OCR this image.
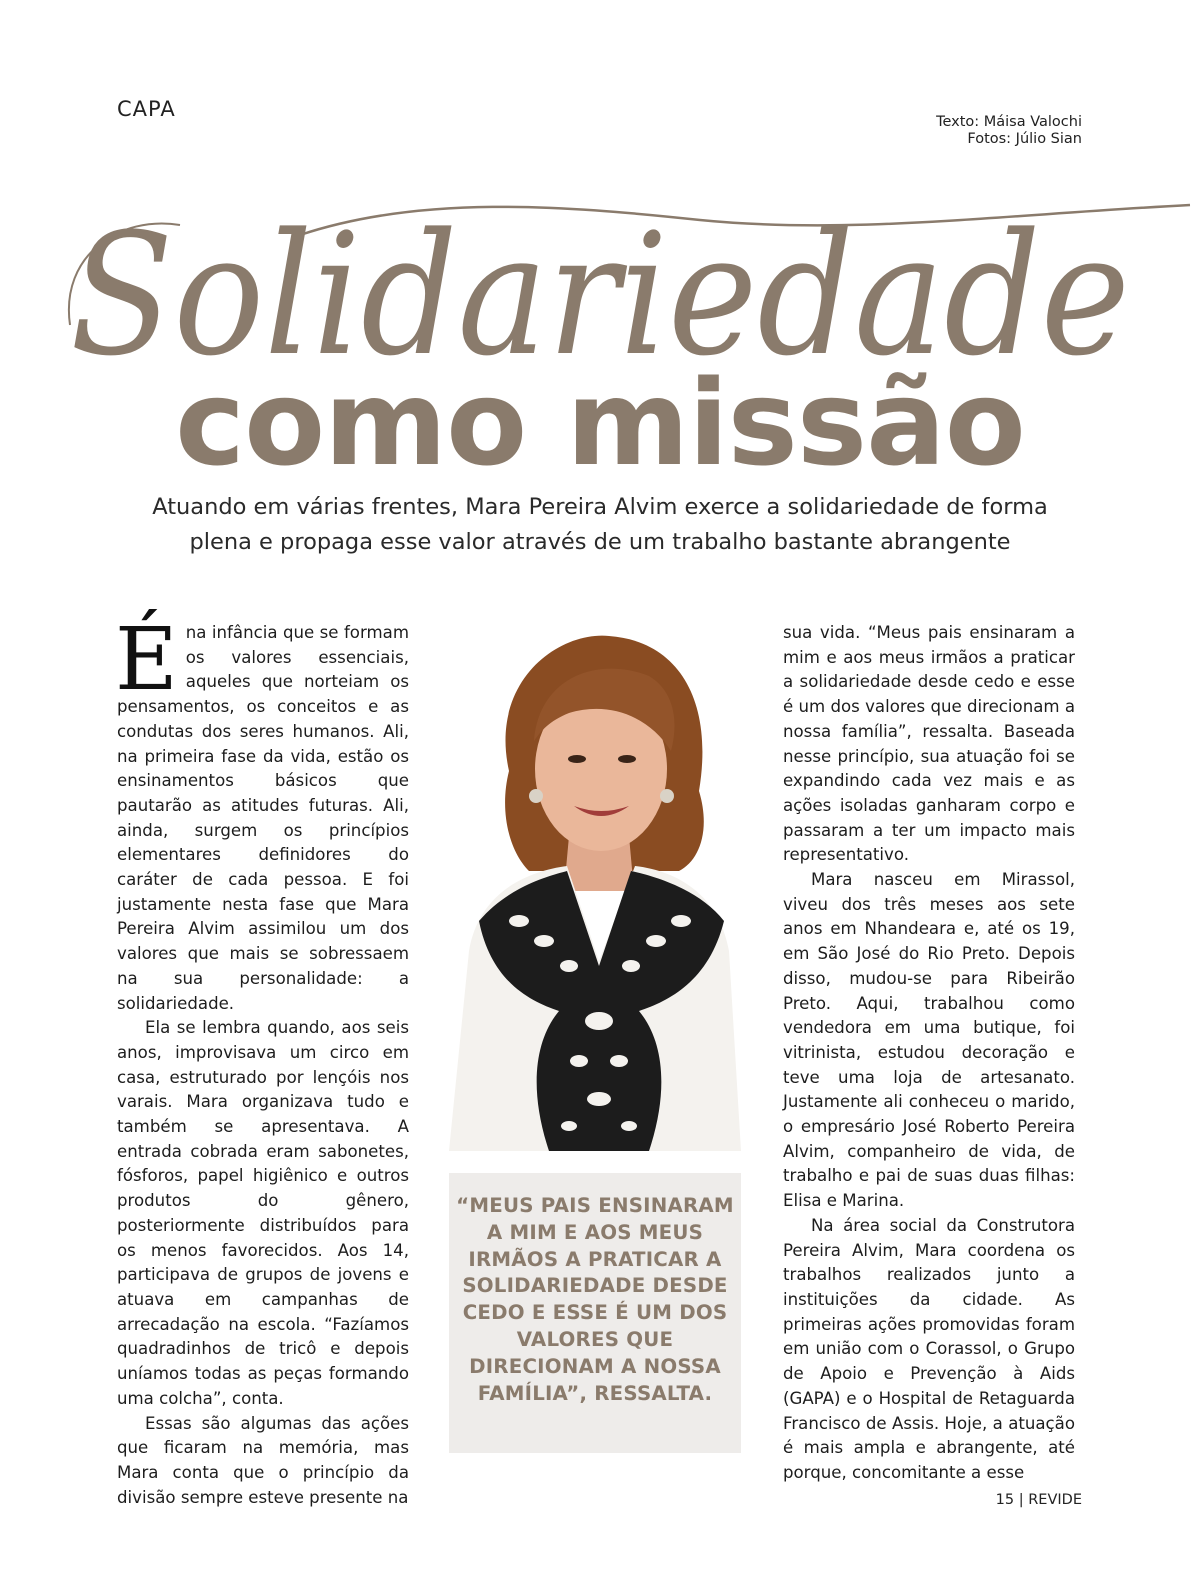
CAPA
Texto: Máisa Valochi
Fotos: Júlio Sian
Solidariedade
como missão
Atuando em várias frentes, Mara Pereira Alvim exerce a solidariedade de forma
plena e propaga esse valor através de um trabalho bastante abrangente

Éna infância que se formam os valores essenciais, aqueles que norteiam os pensamentos, os conceitos e as condutas dos seres humanos. Ali, na primeira fase da vida, estão os ensinamentos básicos que pautarão as atitudes futuras. Ali, ainda, surgem os princípios elementares definidores do caráter de cada pessoa. E foi justamente nesta fase que Mara Pereira Alvim assimilou um dos valores que mais se sobressaem na sua personalidade: a solidariedade.

Ela se lembra quando, aos seis anos, improvisava um circo em casa, estruturado por lençóis nos varais. Mara organizava tudo e também se apresentava. A entrada cobrada eram sabonetes, fósforos, papel higiênico e outros produtos do gênero, posteriormente distribuídos para os menos favorecidos. Aos 14, participava de grupos de jovens e atuava em campanhas de arrecadação na escola. “Fazíamos quadradinhos de tricô e depois uníamos todas as peças formando uma colcha”, conta.

Essas são algumas das ações que ficaram na memória, mas Mara conta que o princípio da divisão sempre esteve presente na

“MEUS PAIS ENSINARAM A MIM E AOS MEUS IRMÃOS A PRATICAR A SOLIDARIEDADE DESDE CEDO E ESSE É UM DOS VALORES QUE DIRECIONAM A NOSSA FAMÍLIA”, RESSALTA.

sua vida. “Meus pais ensinaram a mim e aos meus irmãos a praticar a solidariedade desde cedo e esse é um dos valores que direcionam a nossa família”, ressalta. Baseada nesse princípio, sua atuação foi se expandindo cada vez mais e as ações isoladas ganharam corpo e passaram a ter um impacto mais representativo.

Mara nasceu em Mirassol, viveu dos três meses aos sete anos em Nhandeara e, até os 19, em São José do Rio Preto. Depois disso, mudou-se para Ribeirão Preto. Aqui, trabalhou como vendedora em uma butique, foi vitrinista, estudou decoração e teve uma loja de artesanato. Justamente ali conheceu o marido, o empresário José Roberto Pereira Alvim, companheiro de vida, de trabalho e pai de suas duas filhas: Elisa e Marina.

Na área social da Construtora Pereira Alvim, Mara coordena os trabalhos realizados junto a instituições da cidade. As primeiras ações promovidas foram em união com o Corassol, o Grupo de Apoio e Prevenção à Aids (GAPA) e o Hospital de Retaguarda Francisco de Assis. Hoje, a atuação é mais ampla e abrangente, até porque, concomitante a esse

15 | REVIDE
